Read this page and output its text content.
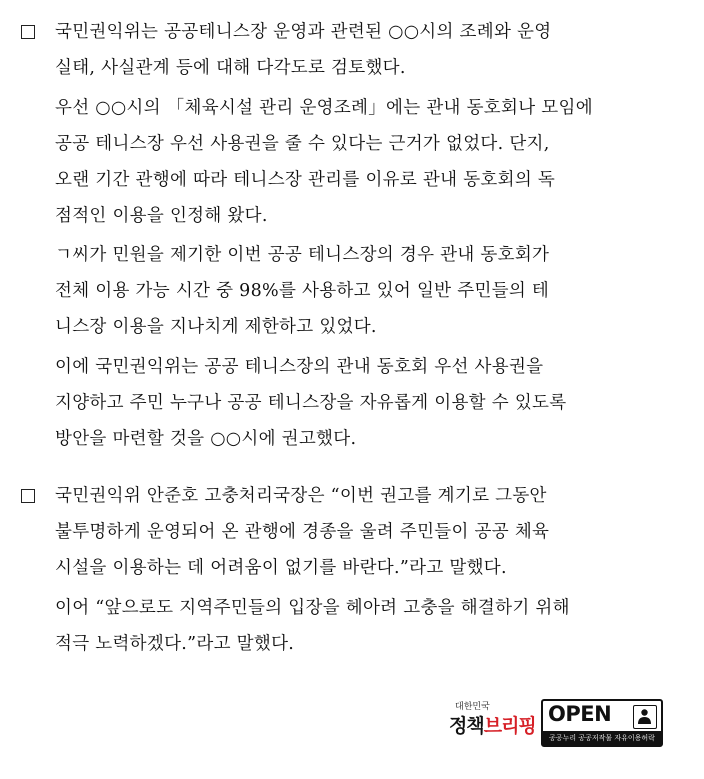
국민권익위는 공공테니스장 운영과 관련된 ○○시의 조례와 운영
실태, 사실관계 등에 대해 다각도로 검토했다.
우선 ○○시의 「체육시설 관리 운영조례」에는 관내 동호회나 모임에
공공 테니스장 우선 사용권을 줄 수 있다는 근거가 없었다. 단지,
오랜 기간 관행에 따라 테니스장 관리를 이유로 관내 동호회의 독
점적인 이용을 인정해 왔다.
ㄱ씨가 민원을 제기한 이번 공공 테니스장의 경우 관내 동호회가
전체 이용 가능 시간 중 98%를 사용하고 있어 일반 주민들의 테
니스장 이용을 지나치게 제한하고 있었다.
이에 국민권익위는 공공 테니스장의 관내 동호회 우선 사용권을
지양하고 주민 누구나 공공 테니스장을 자유롭게 이용할 수 있도록
방안을 마련할 것을 ○○시에 권고했다.
국민권익위 안준호 고충처리국장은 “이번 권고를 계기로 그동안
불투명하게 운영되어 온 관행에 경종을 울려 주민들이 공공 체육
시설을 이용하는 데 어려움이 없기를 바란다.”라고 말했다.
이어 “앞으로도 지역주민들의 입장을 헤아려 고충을 해결하기 위해
적극 노력하겠다.”라고 말했다.
대한민국
정책브리핑 OPEN
공공누리 공공저작물 자유이용허락
